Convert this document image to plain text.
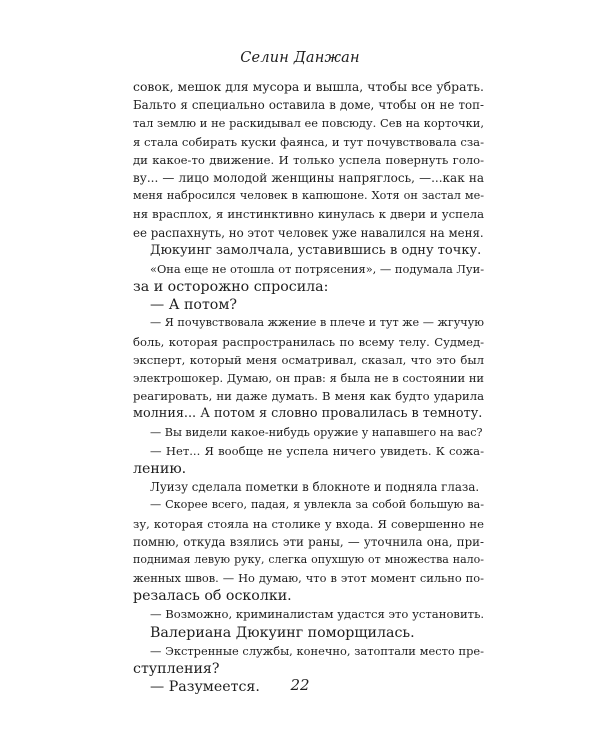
Селин Данжан
совок, мешок для мусора и вышла, чтобы все убрать.
Бальто я специально оставила в доме, чтобы он не топ-
тал землю и не раскидывал ее повсюду. Сев на корточки,
я стала собирать куски фаянса, и тут почувствовала сза-
ди какое-то движение. И только успела повернуть голо-
ву... — лицо молодой женщины напряглось, —...как на
меня набросился человек в капюшоне. Хотя он застал ме-
ня врасплох, я инстинктивно кинулась к двери и успела
ее распахнуть, но этот человек уже навалился на меня.
Дюкуинг замолчала, уставившись в одну точку.
«Она еще не отошла от потрясения», — подумала Луи-
за и осторожно спросила:
— А потом?
— Я почувствовала жжение в плече и тут же — жгучую
боль, которая распространилась по всему телу. Судмед-
эксперт, который меня осматривал, сказал, что это был
электрошокер. Думаю, он прав: я была не в состоянии ни
реагировать, ни даже думать. В меня как будто ударила
молния... А потом я словно провалилась в темноту.
— Вы видели какое-нибудь оружие у напавшего на вас?
— Нет... Я вообще не успела ничего увидеть. К сожа-
лению.
Луизу сделала пометки в блокноте и подняла глаза.
— Скорее всего, падая, я увлекла за собой большую ва-
зу, которая стояла на столике у входа. Я совершенно не
помню, откуда взялись эти раны, — уточнила она, при-
поднимая левую руку, слегка опухшую от множества нало-
женных швов. — Но думаю, что в этот момент сильно по-
резалась об осколки.
— Возможно, криминалистам удастся это установить.
Валериана Дюкуинг поморщилась.
— Экстренные службы, конечно, затоптали место пре-
ступления?
— Разумеется.	22
